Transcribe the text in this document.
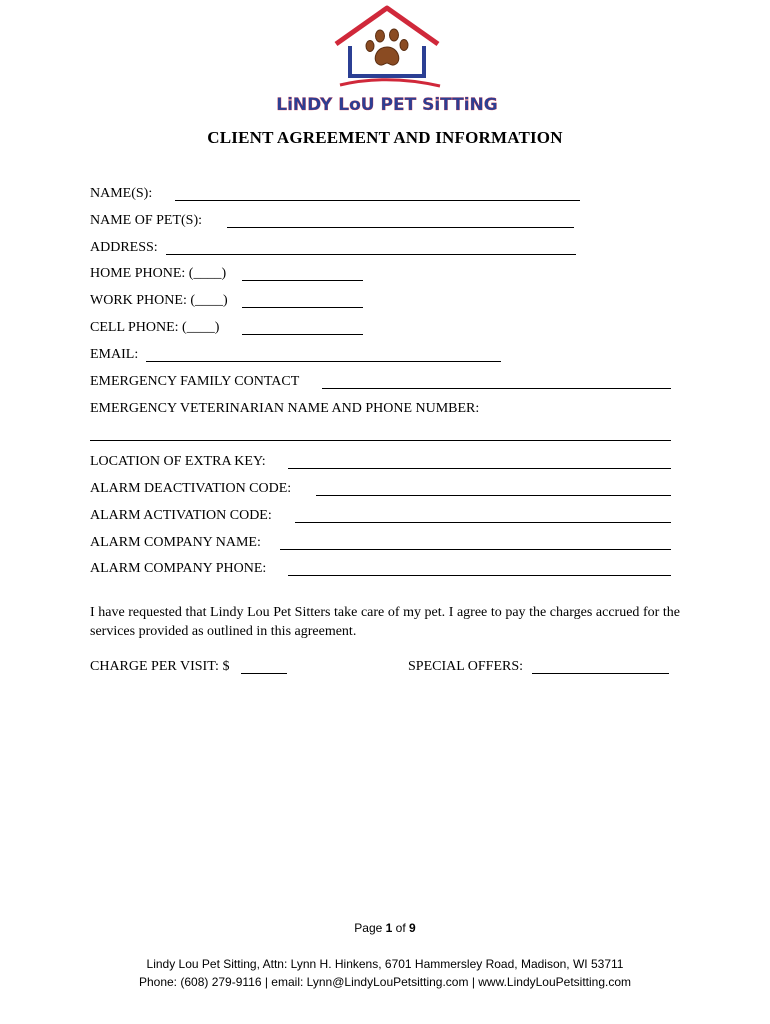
LiNDY LoU PET SiTTiNG
CLIENT AGREEMENT AND INFORMATION
NAME(S):
NAME OF PET(S):
ADDRESS:
HOME PHONE: (____)
WORK PHONE: (____)
CELL PHONE: (____)
EMAIL:
EMERGENCY FAMILY CONTACT
EMERGENCY VETERINARIAN NAME AND PHONE NUMBER:
LOCATION OF EXTRA KEY:
ALARM DEACTIVATION CODE:
ALARM ACTIVATION CODE:
ALARM COMPANY NAME:
ALARM COMPANY PHONE:
I have requested that Lindy Lou Pet Sitters take care of my pet. I agree to pay the charges accrued for the services provided as outlined in this agreement.
CHARGE PER VISIT: $	SPECIAL OFFERS:
Page 1 of 9
Lindy Lou Pet Sitting, Attn: Lynn H. Hinkens, 6701 Hammersley Road, Madison, WI 53711
Phone: (608) 279-9116 | email: Lynn@LindyLouPetsitting.com | www.LindyLouPetsitting.com
